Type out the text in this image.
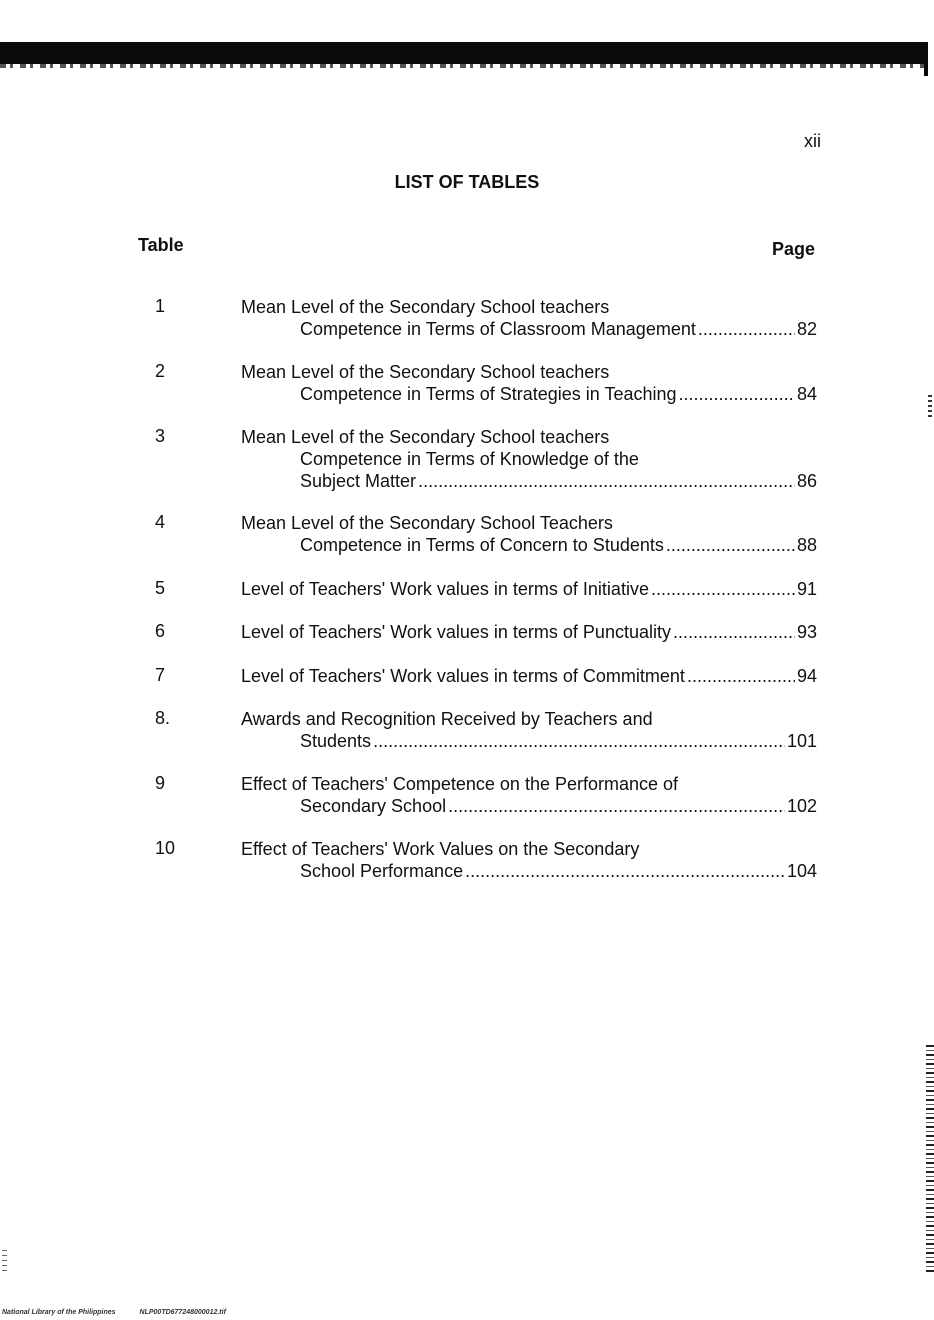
xii
LIST OF TABLES
Table	Page
1	Mean Level of the Secondary School teachers
Competence in Terms of Classroom Management .....	82
2	Mean Level of the Secondary School teachers
Competence in Terms of Strategies in Teaching .....	84
3	Mean Level of the Secondary School teachers
Competence in Terms of Knowledge of the
Subject Matter .....	86
4	Mean Level of the Secondary School Teachers
Competence in Terms of Concern to Students .....	88
5	Level of Teachers' Work values in terms of Initiative .....	91
6	Level of Teachers' Work values in terms of Punctuality .....	93
7	Level of Teachers' Work values in terms of Commitment .....	94
8.	Awards and Recognition Received by Teachers and
Students .....	101
9	Effect of Teachers' Competence on the Performance of
Secondary School .....	102
10	Effect of Teachers' Work Values on the Secondary
School Performance .....	104
National Library of the Philippines	NLP00TD677248000012.tif
